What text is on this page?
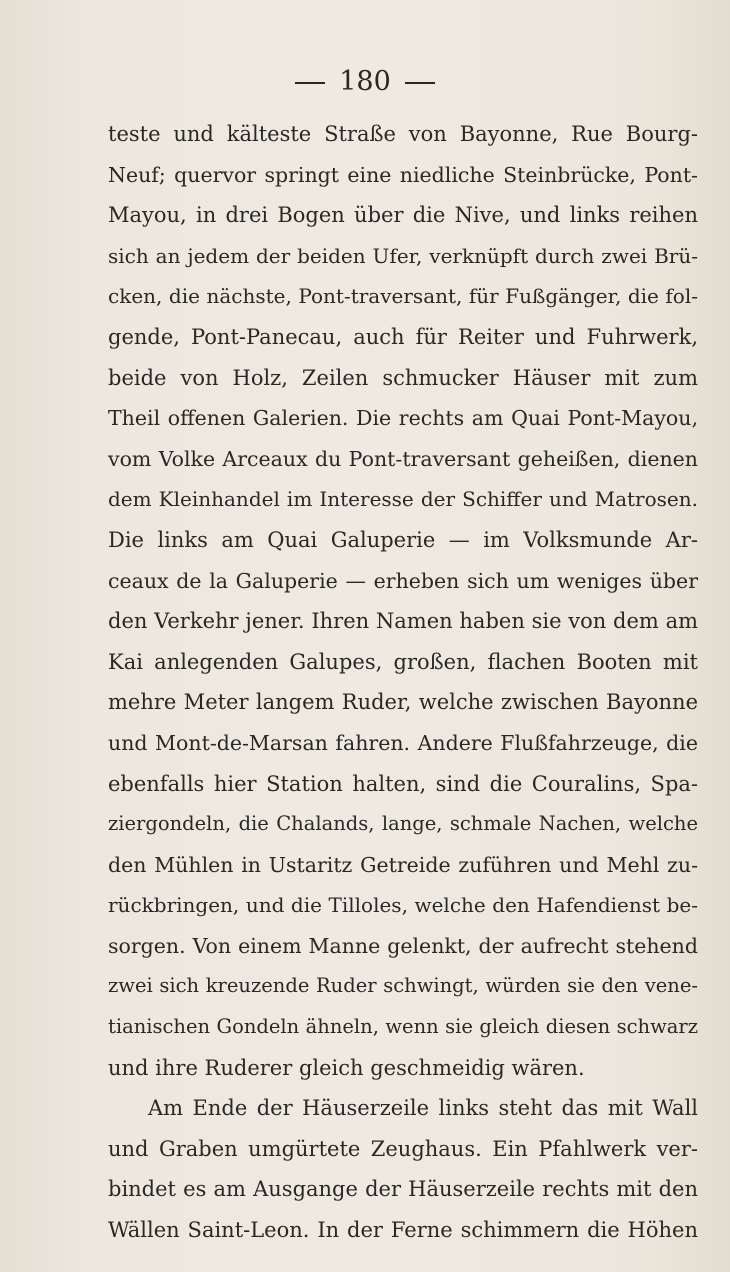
180
teste und kälteste Straße von Bayonne, Rue Bourg-
Neuf; quervor springt eine niedliche Steinbrücke, Pont-
Mayou, in drei Bogen über die Nive, und links reihen
sich an jedem der beiden Ufer, verknüpft durch zwei Brü-
cken, die nächste, Pont-traversant, für Fußgänger, die fol-
gende, Pont-Panecau, auch für Reiter und Fuhrwerk,
beide von Holz, Zeilen schmucker Häuser mit zum
Theil offenen Galerien. Die rechts am Quai Pont-Mayou,
vom Volke Arceaux du Pont-traversant geheißen, dienen
dem Kleinhandel im Interesse der Schiffer und Matrosen.
Die links am Quai Galuperie — im Volksmunde Ar-
ceaux de la Galuperie — erheben sich um weniges über
den Verkehr jener. Ihren Namen haben sie von dem am
Kai anlegenden Galupes, großen, flachen Booten mit
mehre Meter langem Ruder, welche zwischen Bayonne
und Mont-de-Marsan fahren. Andere Flußfahrzeuge, die
ebenfalls hier Station halten, sind die Couralins, Spa-
ziergondeln, die Chalands, lange, schmale Nachen, welche
den Mühlen in Ustaritz Getreide zuführen und Mehl zu-
rückbringen, und die Tilloles, welche den Hafendienst be-
sorgen. Von einem Manne gelenkt, der aufrecht stehend
zwei sich kreuzende Ruder schwingt, würden sie den vene-
tianischen Gondeln ähneln, wenn sie gleich diesen schwarz
und ihre Ruderer gleich geschmeidig wären.
Am Ende der Häuserzeile links steht das mit Wall
und Graben umgürtete Zeughaus. Ein Pfahlwerk ver-
bindet es am Ausgange der Häuserzeile rechts mit den
Wällen Saint-Leon. In der Ferne schimmern die Höhen
